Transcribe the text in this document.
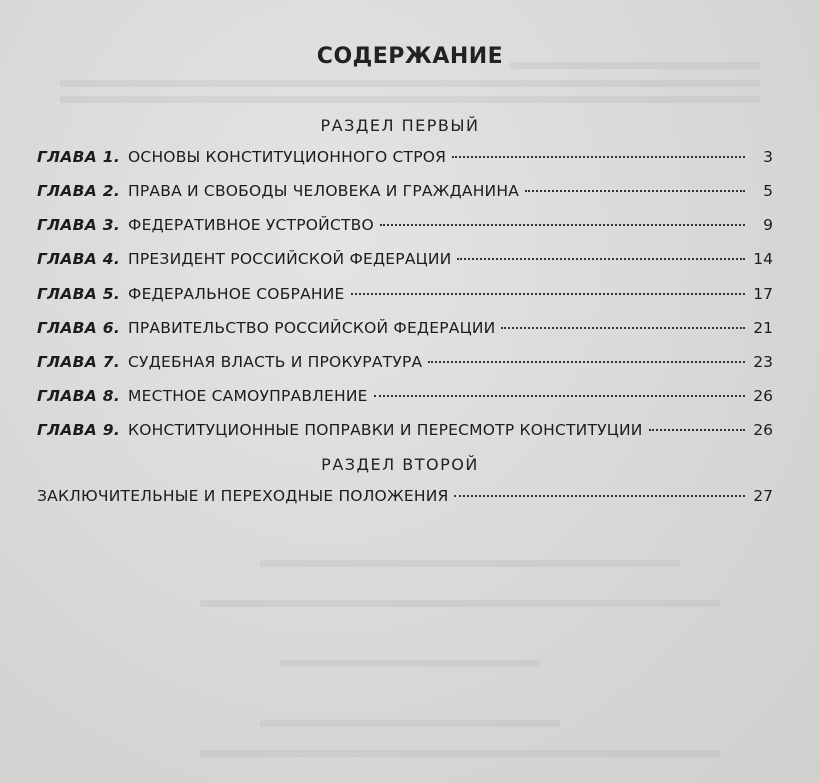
СОДЕРЖАНИЕ
РАЗДЕЛ ПЕРВЫЙ
ГЛАВА 1. ОСНОВЫ КОНСТИТУЦИОННОГО СТРОЯ	3
ГЛАВА 2. ПРАВА И СВОБОДЫ ЧЕЛОВЕКА И ГРАЖДАНИНА	5
ГЛАВА 3. ФЕДЕРАТИВНОЕ УСТРОЙСТВО	9
ГЛАВА 4. ПРЕЗИДЕНТ РОССИЙСКОЙ ФЕДЕРАЦИИ	14
ГЛАВА 5. ФЕДЕРАЛЬНОЕ СОБРАНИЕ	17
ГЛАВА 6. ПРАВИТЕЛЬСТВО РОССИЙСКОЙ ФЕДЕРАЦИИ	21
ГЛАВА 7. СУДЕБНАЯ ВЛАСТЬ И ПРОКУРАТУРА	23
ГЛАВА 8. МЕСТНОЕ САМОУПРАВЛЕНИЕ	26
ГЛАВА 9. КОНСТИТУЦИОННЫЕ ПОПРАВКИ И ПЕРЕСМОТР КОНСТИТУЦИИ	26
РАЗДЕЛ ВТОРОЙ
ЗАКЛЮЧИТЕЛЬНЫЕ И ПЕРЕХОДНЫЕ ПОЛОЖЕНИЯ	27
